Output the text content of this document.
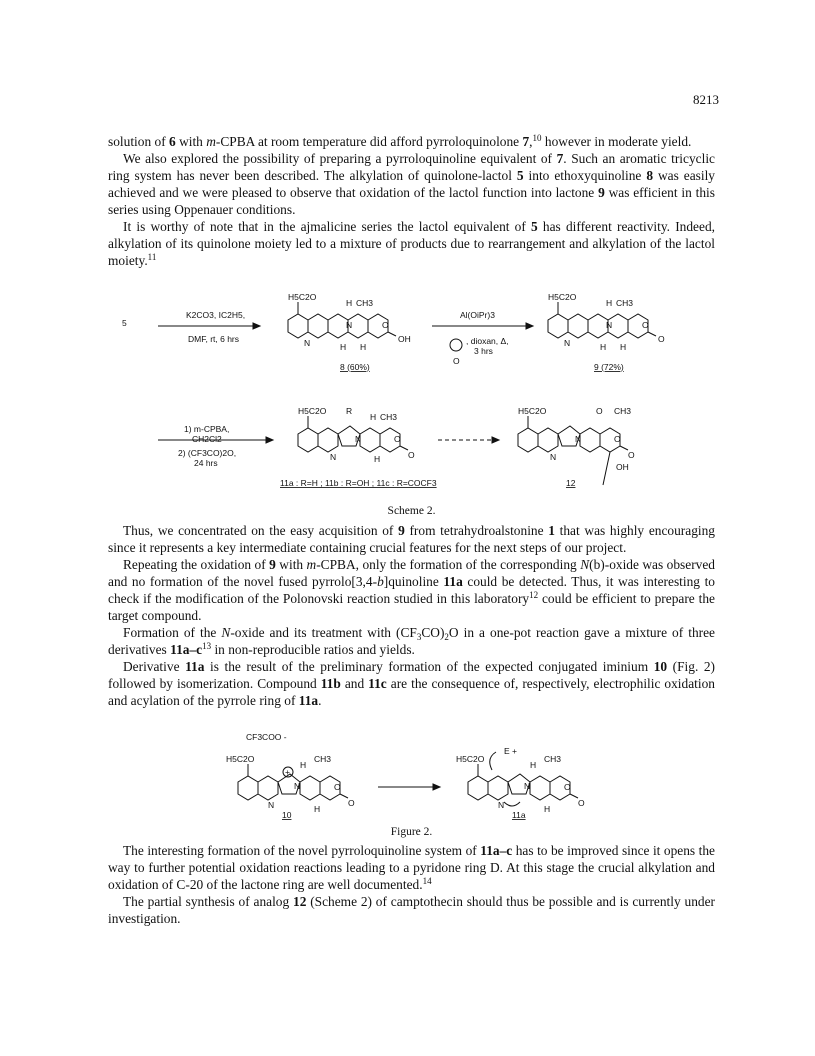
8213

solution of 6 with m-CPBA at room temperature did afford pyrroloquinolone 7,10 however in moderate yield.

We also explored the possibility of preparing a pyrroloquinoline equivalent of 7. Such an aromatic tricyclic ring system has never been described. The alkylation of quinolone-lactol 5 into ethoxyquinoline 8 was easily achieved and we were pleased to observe that oxidation of the lactol function into lactone 9 was efficient in this series using Oppenauer conditions.

It is worthy of note that in the ajmalicine series the lactol equivalent of 5 has different reactivity. Indeed, alkylation of its quinolone moiety led to a mixture of products due to rearrangement and alkylation of the lactol moiety.$^{11}$

5
K2CO3, IC2H5,
DMF, rt, 6 hrs
H5C2O
CH3
H
N
N	H H
O
OH
8 (60%)
Al(OiPr)3
, dioxan, Δ,
3 hrs
O
H5C2O
H CH3
N
N	H H
O
O
9 (72%)
1) m-CPBA,
CH2Cl2
2) (CF3CO)2O,
24 hrs
H5C2O R
H CH3
N
N	H
O
O
11a : R=H ; 11b : R=OH ; 11c : R=COCF3
H5C2O	O CH3
N
N
O
O
OH
12
Scheme 2.

Thus, we concentrated on the easy acquisition of 9 from tetrahydroalstonine 1 that was highly encouraging since it represents a key intermediate containing crucial features for the next steps of our project.

Repeating the oxidation of 9 with m-CPBA, only the formation of the corresponding N(b)-oxide was observed and no formation of the novel fused pyrrolo[3,4-b]quinoline 11a could be detected. Thus, it was interesting to check if the modification of the Polonovski reaction studied in this laboratory$^{12}$ could be efficient to prepare the target compound.

Formation of the N-oxide and its treatment with $(CF_3CO)_2O$ in a one-pot reaction gave a mixture of three derivatives $11a-c^{13}$ in non-reproducible ratios and yields.

Derivative 11a is the result of the preliminary formation of the expected conjugated iminium 10 (Fig. 2) followed by isomerization. Compound 11b and 11c are the consequence of, respectively, electrophilic oxidation and acylation of the pyrrole ring of 11a.

CF3COO -
H5C2O	CH3
H
+
N
N	H
O
O
10
H5C2O
E +
H
CH3
N
N	H
O
O
11a
Figure 2.

The interesting formation of the novel pyrroloquinoline system of 11a–c has to be improved since it opens the way to further potential oxidation reactions leading to a pyridone ring D. At this stage the crucial alkylation and oxidation of C-20 of the lactone ring are well documented.$^{14}$

The partial synthesis of analog 12 (Scheme 2) of camptothecin should thus be possible and is currently under investigation.
